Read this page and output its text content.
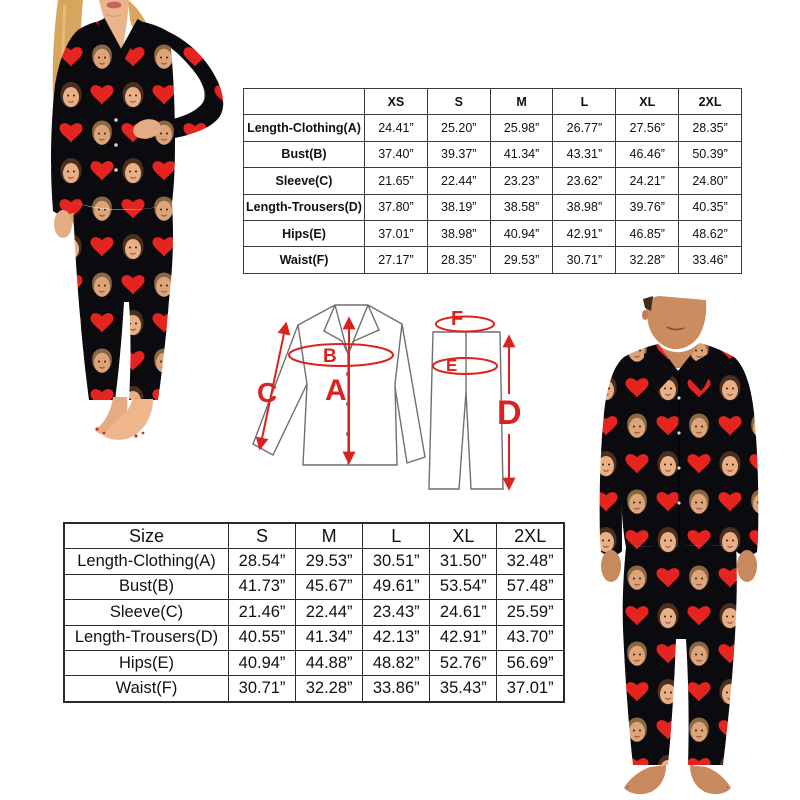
	XS	S	M	L	XL	2XL
Length-Clothing(A)	24.41”	25.20”	25.98”	26.77”	27.56”	28.35”
Bust(B)	37.40”	39.37”	41.34”	43.31”	46.46”	50.39”
Sleeve(C)	21.65”	22.44”	23.23”	23.62”	24.21”	24.80”
Length-Trousers(D)	37.80”	38.19”	38.58”	38.98”	39.76”	40.35”
Hips(E)	37.01”	38.98”	40.94”	42.91”	46.85”	48.62”
Waist(F)	27.17”	28.35”	29.53”	30.71”	32.28”	33.46”
A
B
C
D
E
F
Size	S	M	L	XL	2XL
Length-Clothing(A)	28.54”	29.53”	30.51”	31.50”	32.48”
Bust(B)	41.73”	45.67”	49.61”	53.54”	57.48”
Sleeve(C)	21.46”	22.44”	23.43”	24.61”	25.59”
Length-Trousers(D)	40.55”	41.34”	42.13”	42.91”	43.70”
Hips(E)	40.94”	44.88”	48.82”	52.76”	56.69”
Waist(F)	30.71”	32.28”	33.86”	35.43”	37.01”
